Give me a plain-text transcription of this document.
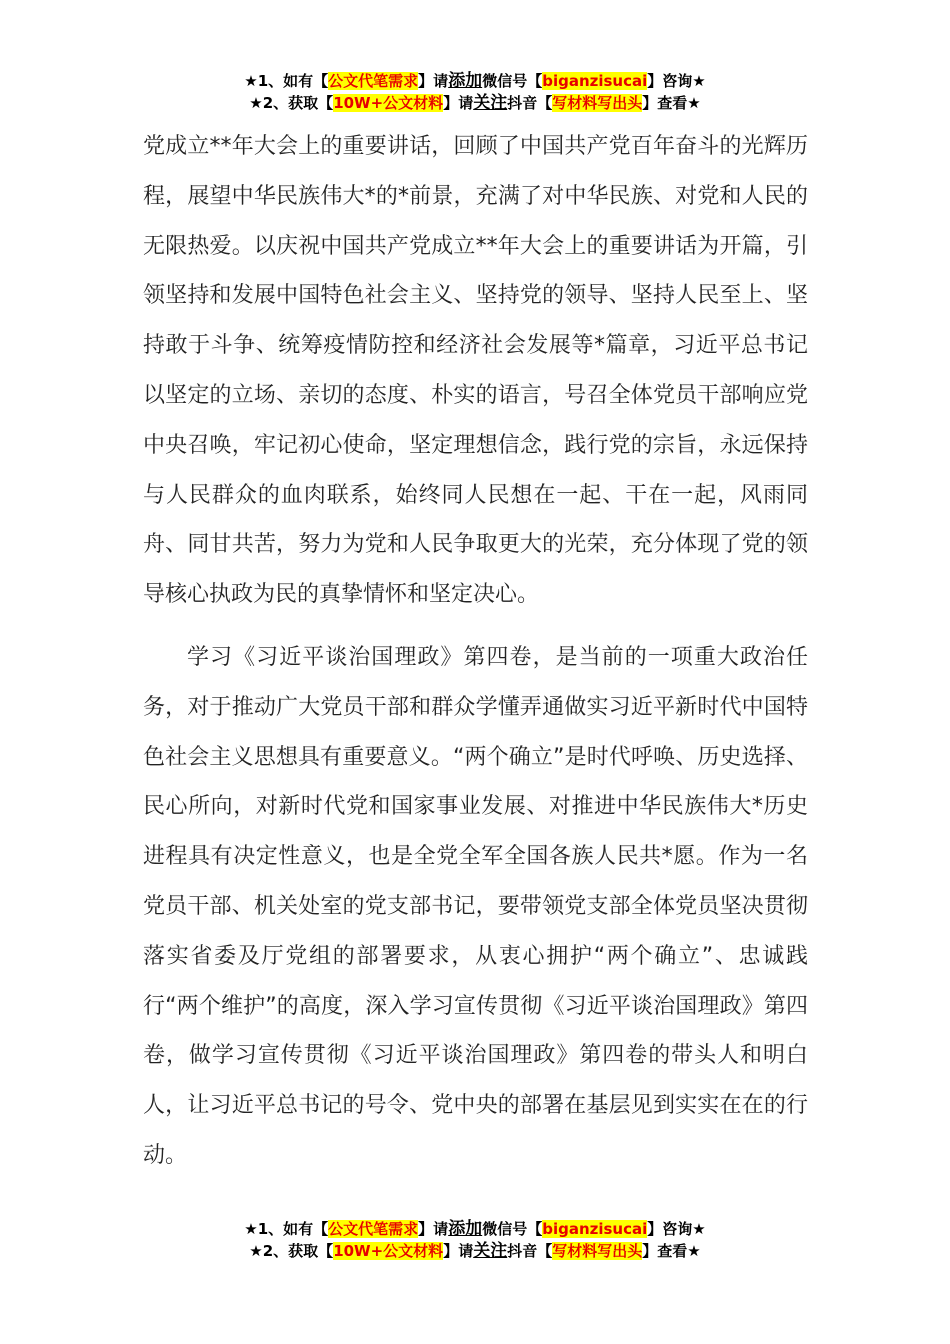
★1、如有【公文代笔需求】请添加微信号【biganzisucai】咨询★
★2、获取【10W+公文材料】请关注抖音【写材料写出头】查看★

党成立**年大会上的重要讲话，回顾了中国共产党百年奋斗的光辉历程，展望中华民族伟大*的*前景，充满了对中华民族、对党和人民的无限热爱。以庆祝中国共产党成立**年大会上的重要讲话为开篇，引领坚持和发展中国特色社会主义、坚持党的领导、坚持人民至上、坚持敢于斗争、统筹疫情防控和经济社会发展等*篇章，习近平总书记以坚定的立场、亲切的态度、朴实的语言，号召全体党员干部响应党中央召唤，牢记初心使命，坚定理想信念，践行党的宗旨，永远保持与人民群众的血肉联系，始终同人民想在一起、干在一起，风雨同舟、同甘共苦，努力为党和人民争取更大的光荣，充分体现了党的领导核心执政为民的真挚情怀和坚定决心。

学习《习近平谈治国理政》第四卷，是当前的一项重大政治任务，对于推动广大党员干部和群众学懂弄通做实习近平新时代中国特色社会主义思想具有重要意义。“两个确立”是时代呼唤、历史选择、民心所向，对新时代党和国家事业发展、对推进中华民族伟大*历史进程具有决定性意义，也是全党全军全国各族人民共*愿。作为一名党员干部、机关处室的党支部书记，要带领党支部全体党员坚决贯彻落实省委及厅党组的部署要求，从衷心拥护“两个确立”、忠诚践行“两个维护”的高度，深入学习宣传贯彻《习近平谈治国理政》第四卷，做学习宣传贯彻《习近平谈治国理政》第四卷的带头人和明白人，让习近平总书记的号令、党中央的部署在基层见到实实在在的行动。

★1、如有【公文代笔需求】请添加微信号【biganzisucai】咨询★
★2、获取【10W+公文材料】请关注抖音【写材料写出头】查看★
